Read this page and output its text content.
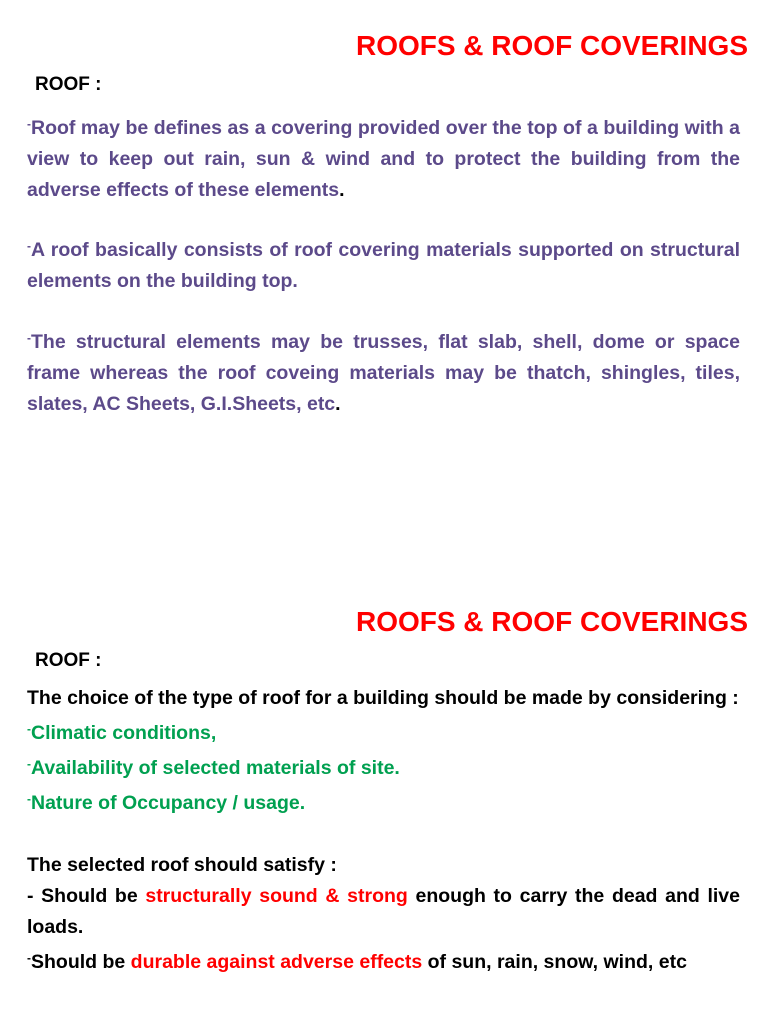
ROOFS & ROOF COVERINGS
ROOF :

-Roof may be defines as a covering provided over the top of a building with a view to keep out rain, sun & wind and to protect the building from the adverse effects of these elements.

-A roof basically consists of roof covering materials supported on structural elements on the building top.

-The structural elements may be trusses, flat slab, shell, dome or space frame whereas the roof coveing materials may be thatch, shingles, tiles, slates, AC Sheets, G.I.Sheets, etc.

ROOFS & ROOF COVERINGS
ROOF :
The choice of the type of roof for a building should be made by considering :
-Climatic conditions,
-Availability of selected materials of site.
-Nature of Occupancy / usage.
The selected roof should satisfy :
- Should be structurally sound & strong enough to carry the dead and live loads.
-Should be durable against adverse effects of sun, rain, snow, wind, etc
